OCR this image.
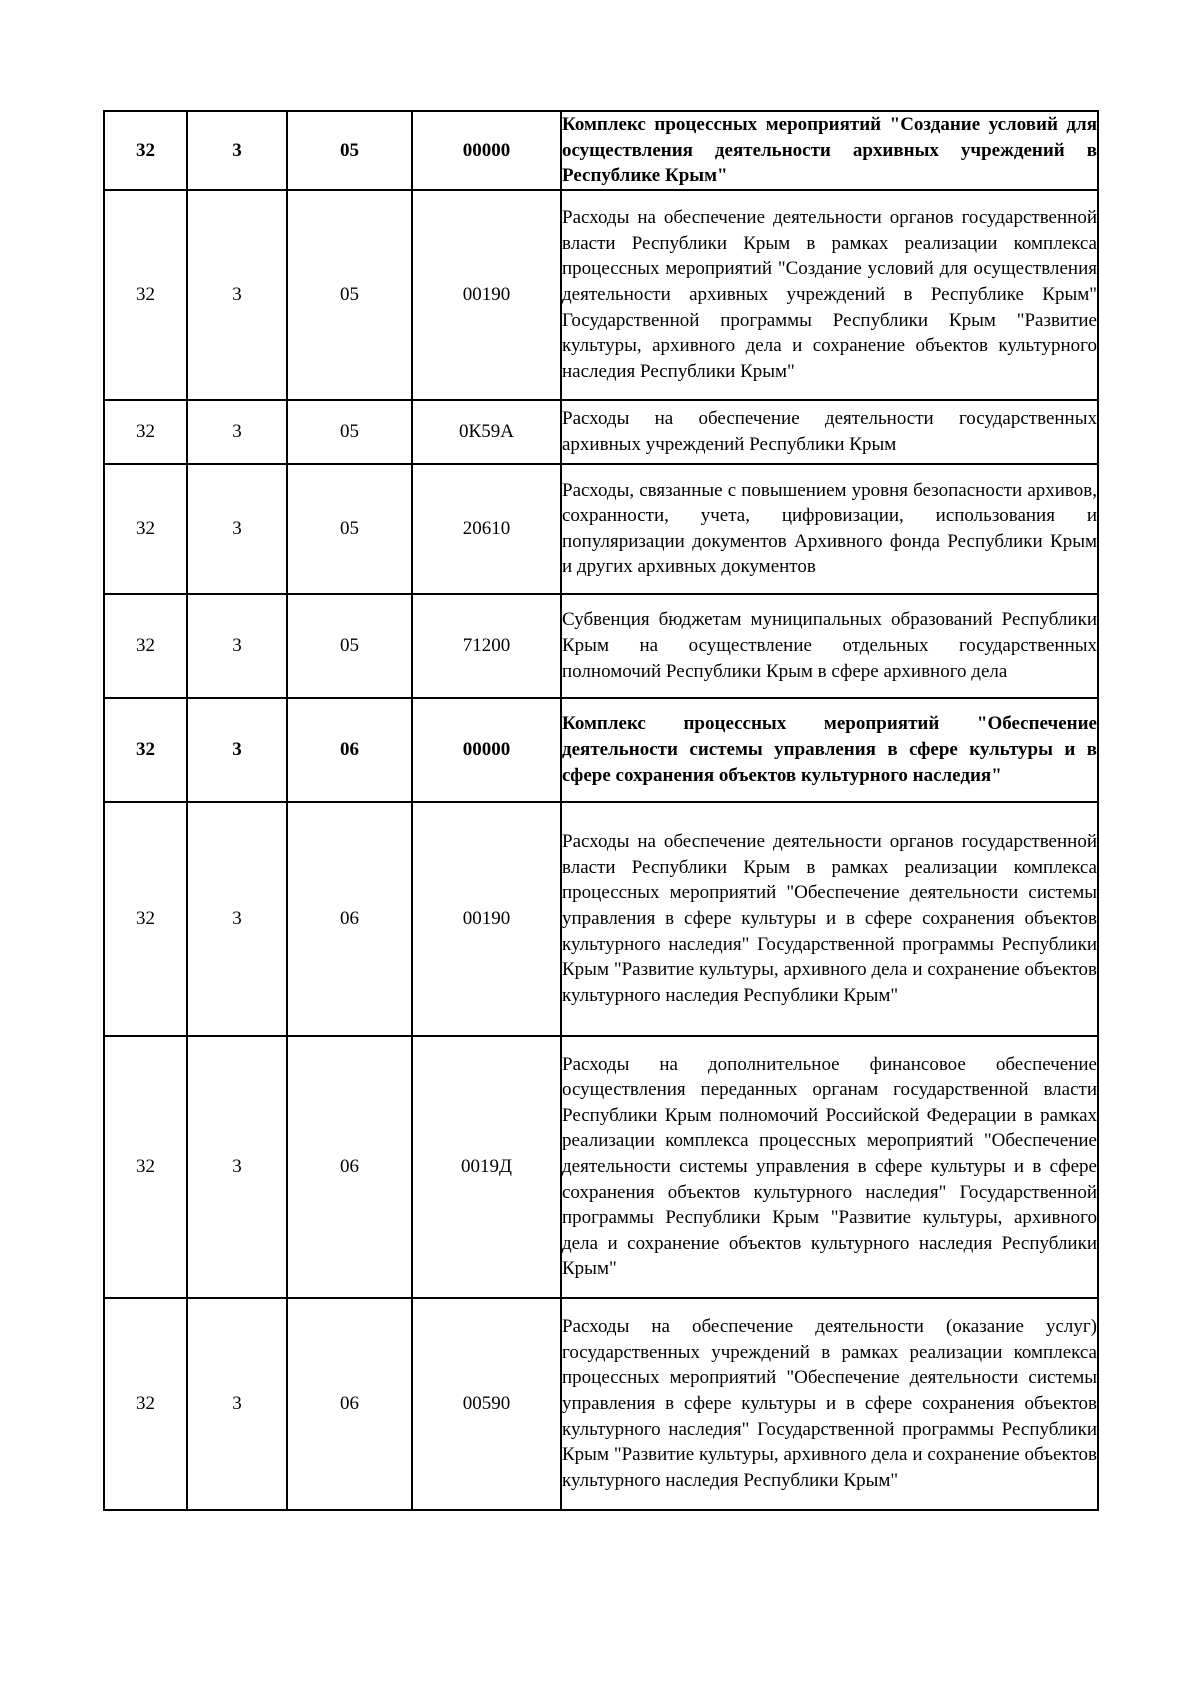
32	3	05	00000	Комплекс процессных мероприятий "Создание условий для осуществления деятельности архивных учреждений в Республике Крым"
32	3	05	00190	Расходы на обеспечение деятельности органов государственной власти Республики Крым в рамках реализации комплекса процессных мероприятий "Создание условий для осуществления деятельности архивных учреждений в Республике Крым" Государственной программы Республики Крым "Развитие культуры, архивного дела и сохранение объектов культурного наследия Республики Крым"
32	3	05	0К59А	Расходы на обеспечение деятельности государственных архивных учреждений Республики Крым
32	3	05	20610	Расходы, связанные с повышением уровня безопасности архивов, сохранности, учета, цифровизации, использования и популяризации документов Архивного фонда Республики Крым и других архивных документов
32	3	05	71200	Субвенция бюджетам муниципальных образований Республики Крым на осуществление отдельных государственных полномочий Республики Крым в сфере архивного дела
32	3	06	00000	Комплекс процессных мероприятий "Обеспечение деятельности системы управления в сфере культуры и в сфере сохранения объектов культурного наследия"
32	3	06	00190	Расходы на обеспечение деятельности органов государственной власти Республики Крым в рамках реализации комплекса процессных мероприятий "Обеспечение деятельности системы управления в сфере культуры и в сфере сохранения объектов культурного наследия" Государственной программы Республики Крым "Развитие культуры, архивного дела и сохранение объектов культурного наследия Республики Крым"
32	3	06	0019Д	Расходы на дополнительное финансовое обеспечение осуществления переданных органам государственной власти Республики Крым полномочий Российской Федерации в рамках реализации комплекса процессных мероприятий "Обеспечение деятельности системы управления в сфере культуры и в сфере сохранения объектов культурного наследия" Государственной программы Республики Крым "Развитие культуры, архивного дела и сохранение объектов культурного наследия Республики Крым"
32	3	06	00590	Расходы на обеспечение деятельности (оказание услуг) государственных учреждений в рамках реализации комплекса процессных мероприятий "Обеспечение деятельности системы управления в сфере культуры и в сфере сохранения объектов культурного наследия" Государственной программы Республики Крым "Развитие культуры, архивного дела и сохранение объектов культурного наследия Республики Крым"
